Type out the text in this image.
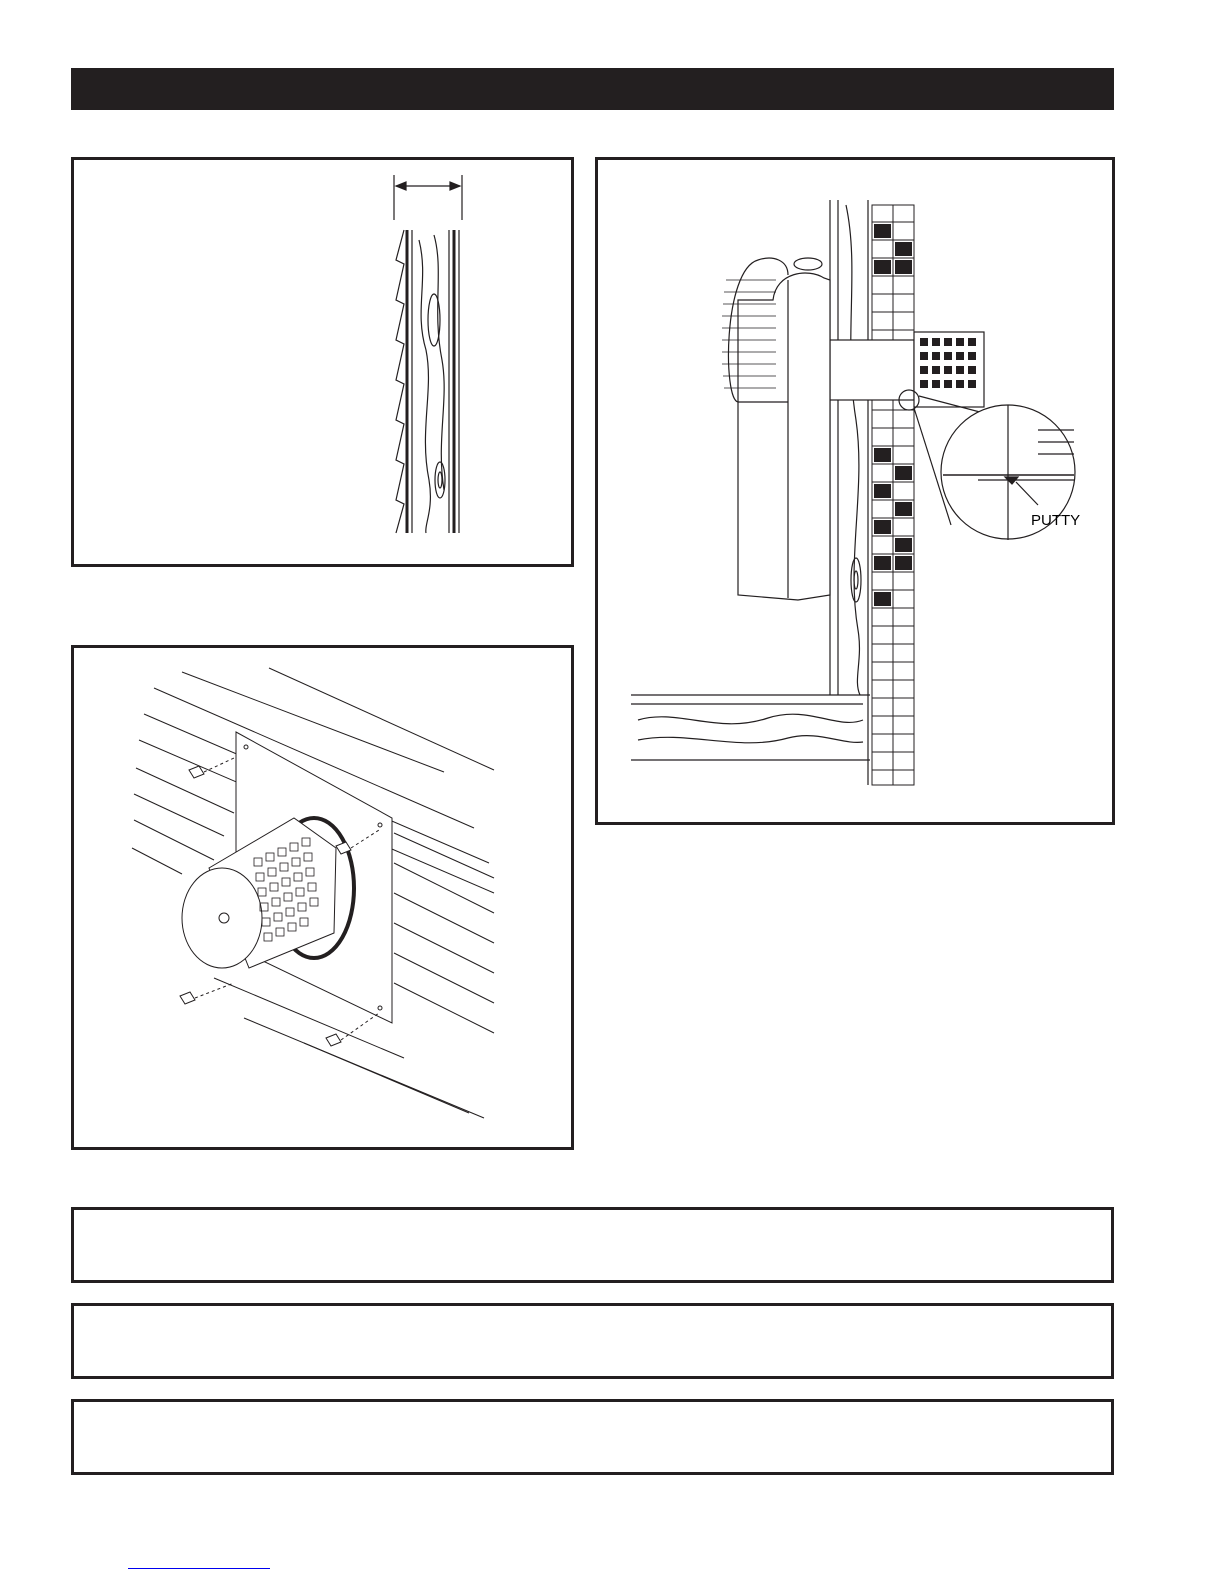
PUTTY
